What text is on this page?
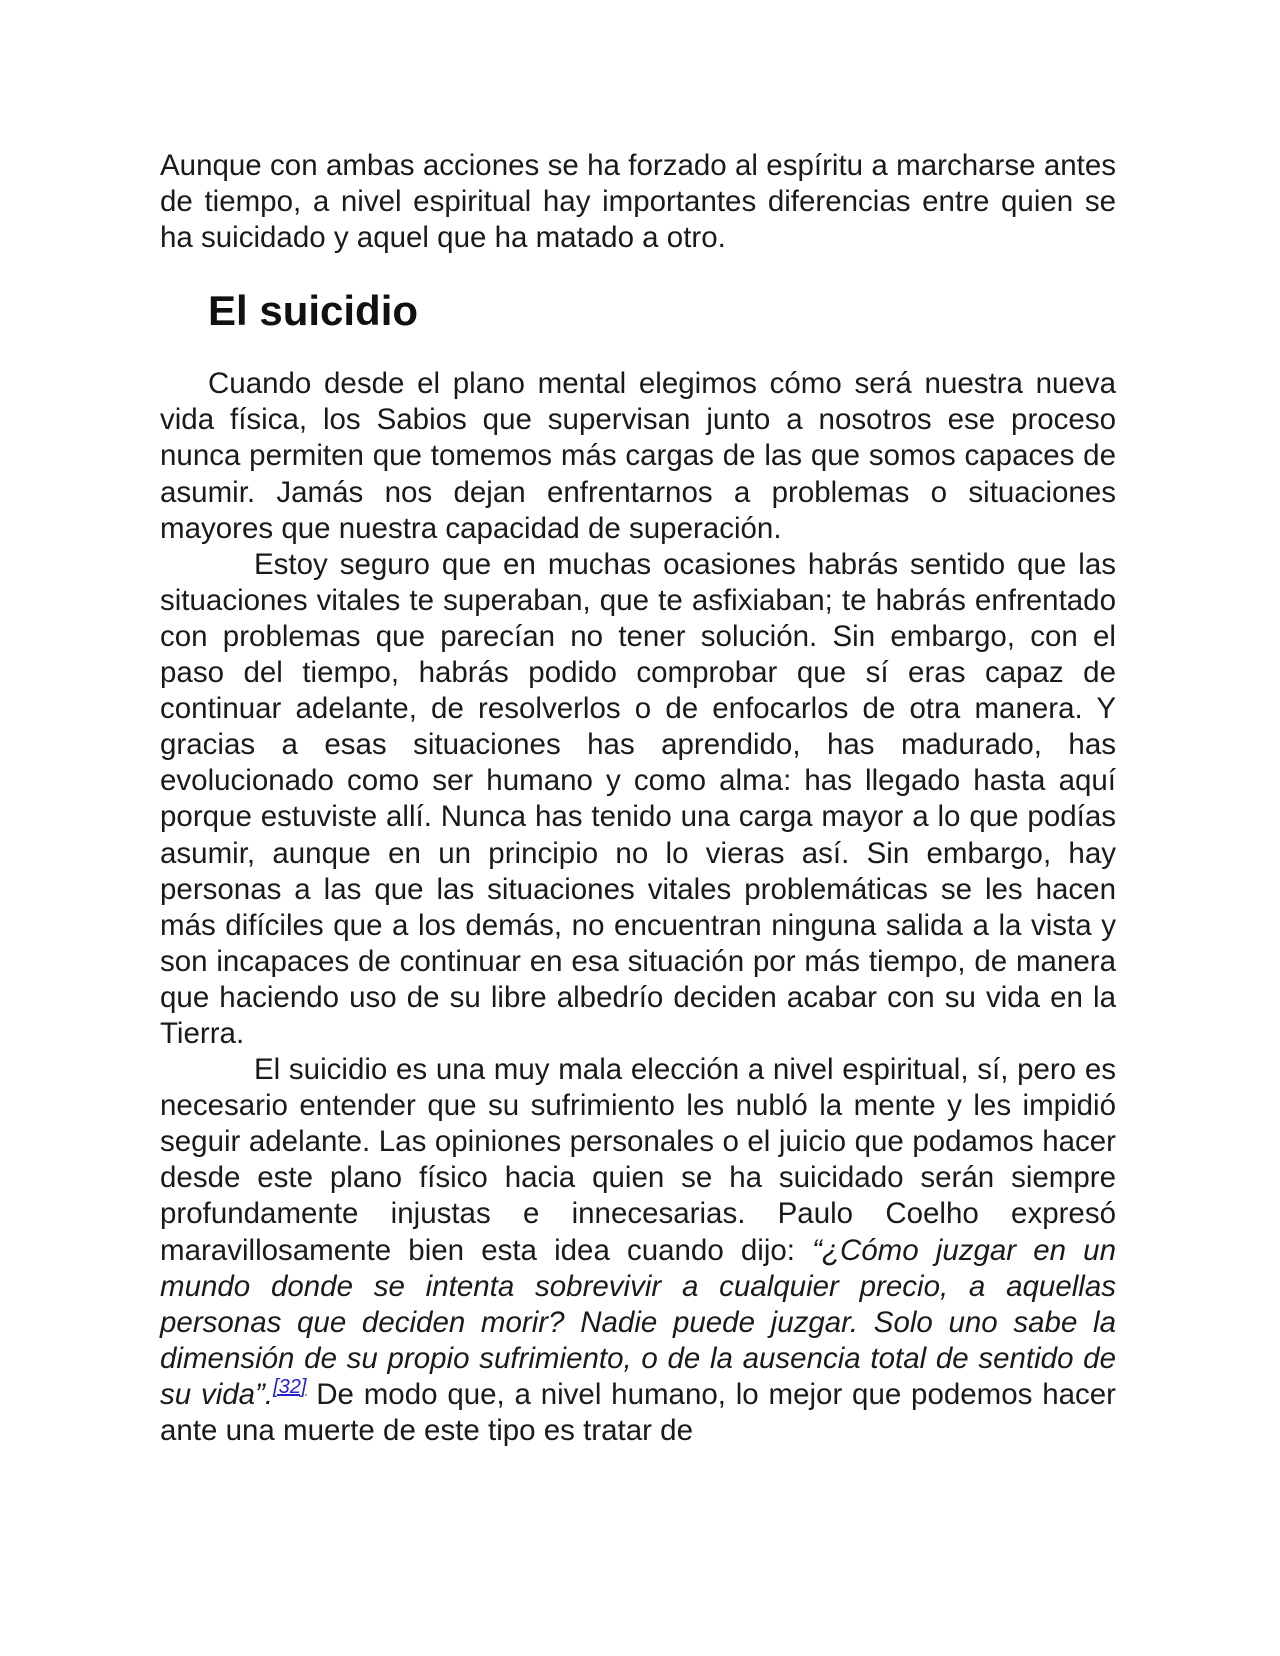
Aunque con ambas acciones se ha forzado al espíritu a marcharse antes de tiempo, a nivel espiritual hay importantes diferencias entre quien se ha suicidado y aquel que ha matado a otro.

El suicidio

Cuando desde el plano mental elegimos cómo será nuestra nueva vida física, los Sabios que supervisan junto a nosotros ese proceso nunca permiten que tomemos más cargas de las que somos capaces de asumir. Jamás nos dejan enfrentarnos a problemas o situaciones mayores que nuestra capacidad de superación.

Estoy seguro que en muchas ocasiones habrás sentido que las situaciones vitales te superaban, que te asfixiaban; te habrás enfrentado con problemas que parecían no tener solución. Sin embargo, con el paso del tiempo, habrás podido comprobar que sí eras capaz de continuar adelante, de resolverlos o de enfocarlos de otra manera. Y gracias a esas situaciones has aprendido, has madurado, has evolucionado como ser humano y como alma: has llegado hasta aquí porque estuviste allí. Nunca has tenido una carga mayor a lo que podías asumir, aunque en un principio no lo vieras así. Sin embargo, hay personas a las que las situaciones vitales problemáticas se les hacen más difíciles que a los demás, no encuentran ninguna salida a la vista y son incapaces de continuar en esa situación por más tiempo, de manera que haciendo uso de su libre albedrío deciden acabar con su vida en la Tierra.

El suicidio es una muy mala elección a nivel espiritual, sí, pero es necesario entender que su sufrimiento les nubló la mente y les impidió seguir adelante. Las opiniones personales o el juicio que podamos hacer desde este plano físico hacia quien se ha suicidado serán siempre profundamente injustas e innecesarias. Paulo Coelho expresó maravillosamente bien esta idea cuando dijo: “¿Cómo juzgar en un mundo donde se intenta sobrevivir a cualquier precio, a aquellas personas que deciden morir? Nadie puede juzgar. Solo uno sabe la dimensión de su propio sufrimiento, o de la ausencia total de sentido de su vida”.[32] De modo que, a nivel humano, lo mejor que podemos hacer ante una muerte de este tipo es tratar de
